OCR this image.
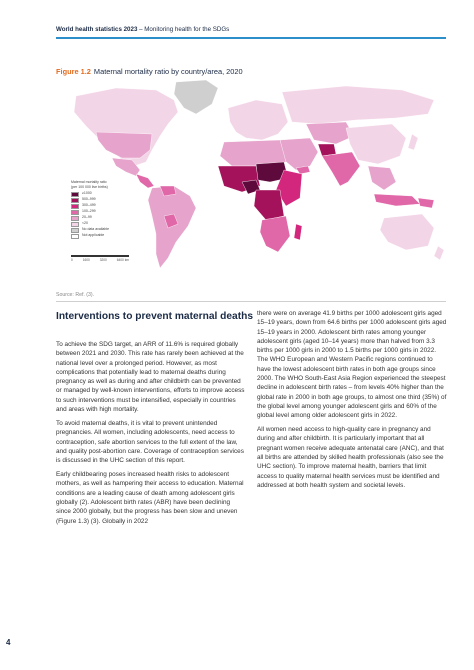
World health statistics 2023 – Monitoring health for the SDGs
Figure 1.2 Maternal mortality ratio by country/area, 2020
Maternal mortality ratio
(per 100 000 live births)
≥1000
500–999
300–499
100–299
20–99
<20
No data available
Not applicable
0	1600	3200	6400 km
Source: Ref. (3).
Interventions to prevent maternal deaths

To achieve the SDG target, an ARR of 11.6% is required globally between 2021 and 2030. This rate has rarely been achieved at the national level over a prolonged period. However, as most complications that potentially lead to maternal deaths during pregnancy as well as during and after childbirth can be prevented or managed by well-known interventions, efforts to improve access to such interventions must be intensified, especially in countries and areas with high mortality.

To avoid maternal deaths, it is vital to prevent unintended pregnancies. All women, including adolescents, need access to contraception, safe abortion services to the full extent of the law, and quality post-abortion care. Coverage of contraception services is discussed in the UHC section of this report.

Early childbearing poses increased health risks to adolescent mothers, as well as hampering their access to education. Maternal conditions are a leading cause of death among adolescent girls globally (2). Adolescent birth rates (ABR) have been declining since 2000 globally, but the progress has been slow and uneven (Figure 1.3) (3). Globally in 2022

there were on average 41.9 births per 1000 adolescent girls aged 15–19 years, down from 64.6 births per 1000 adolescent girls aged 15–19 years in 2000. Adolescent birth rates among younger adolescent girls (aged 10–14 years) more than halved from 3.3 births per 1000 girls in 2000 to 1.5 births per 1000 girls in 2022. The WHO European and Western Pacific regions continued to have the lowest adolescent birth rates in both age groups since 2000. The WHO South-East Asia Region experienced the steepest decline in adolescent birth rates – from levels 40% higher than the global rate in 2000 in both age groups, to almost one third (35%) of the global level among younger adolescent girls and 60% of the global level among older adolescent girls in 2022.

All women need access to high-quality care in pregnancy and during and after childbirth. It is particularly important that all pregnant women receive adequate antenatal care (ANC), and that all births are attended by skilled health professionals (also see the UHC section). To improve maternal health, barriers that limit access to quality maternal health services must be identified and addressed at both health system and societal levels.

4
